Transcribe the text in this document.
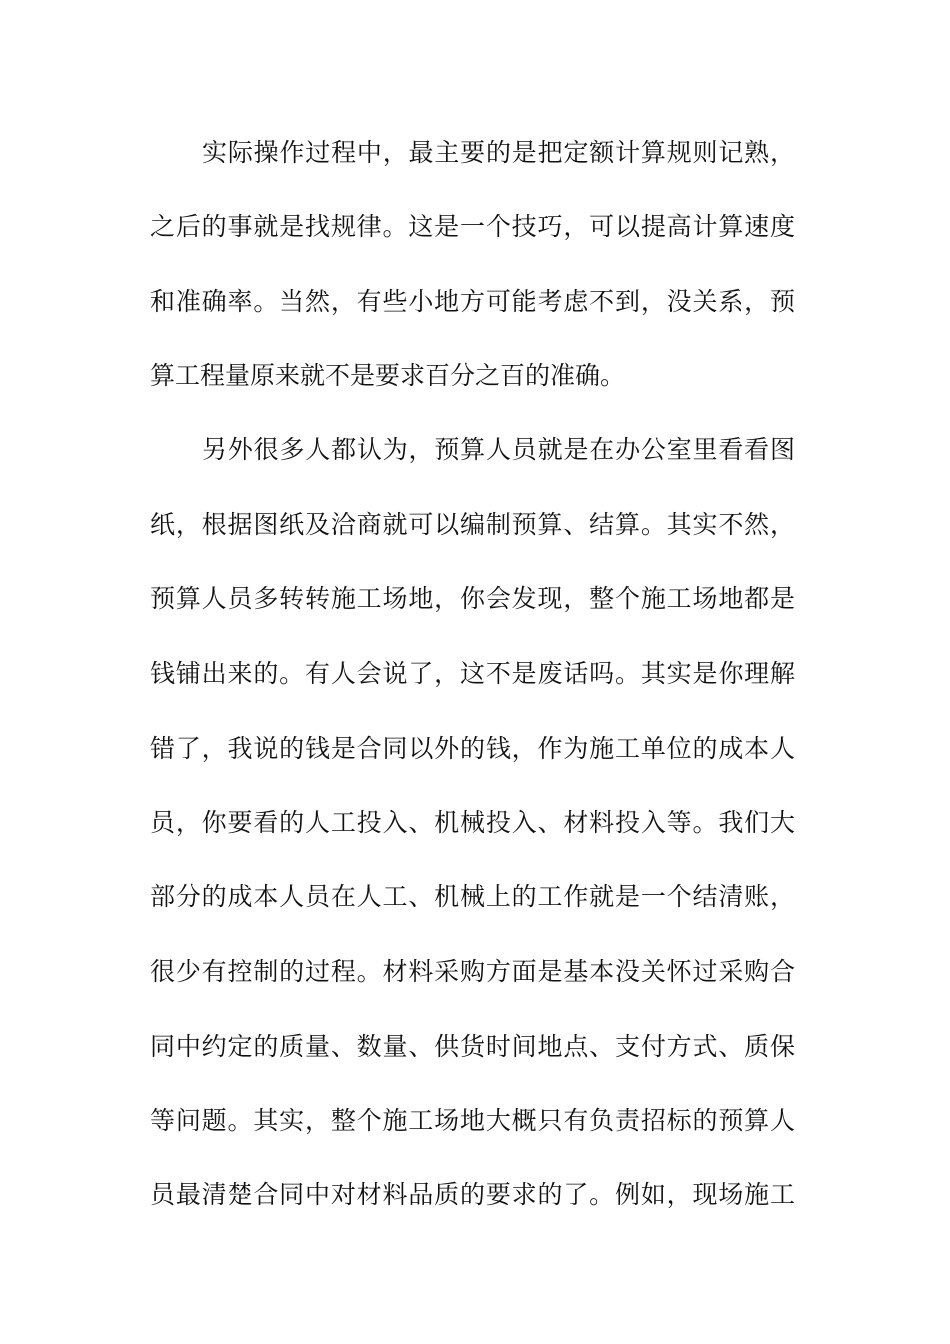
实际操作过程中，最主要的是把定额计算规则记熟，
之后的事就是找规律。这是一个技巧，可以提高计算速度
和准确率。当然，有些小地方可能考虑不到，没关系，预
算工程量原来就不是要求百分之百的准确。
另外很多人都认为，预算人员就是在办公室里看看图
纸，根据图纸及洽商就可以编制预算、结算。其实不然，
预算人员多转转施工场地，你会发现，整个施工场地都是
钱铺出来的。有人会说了，这不是废话吗。其实是你理解
错了，我说的钱是合同以外的钱，作为施工单位的成本人
员，你要看的人工投入、机械投入、材料投入等。我们大
部分的成本人员在人工、机械上的工作就是一个结清账，
很少有控制的过程。材料采购方面是基本没关怀过采购合
同中约定的质量、数量、供货时间地点、支付方式、质保
等问题。其实，整个施工场地大概只有负责招标的预算人
员最清楚合同中对材料品质的要求的了。例如，现场施工
